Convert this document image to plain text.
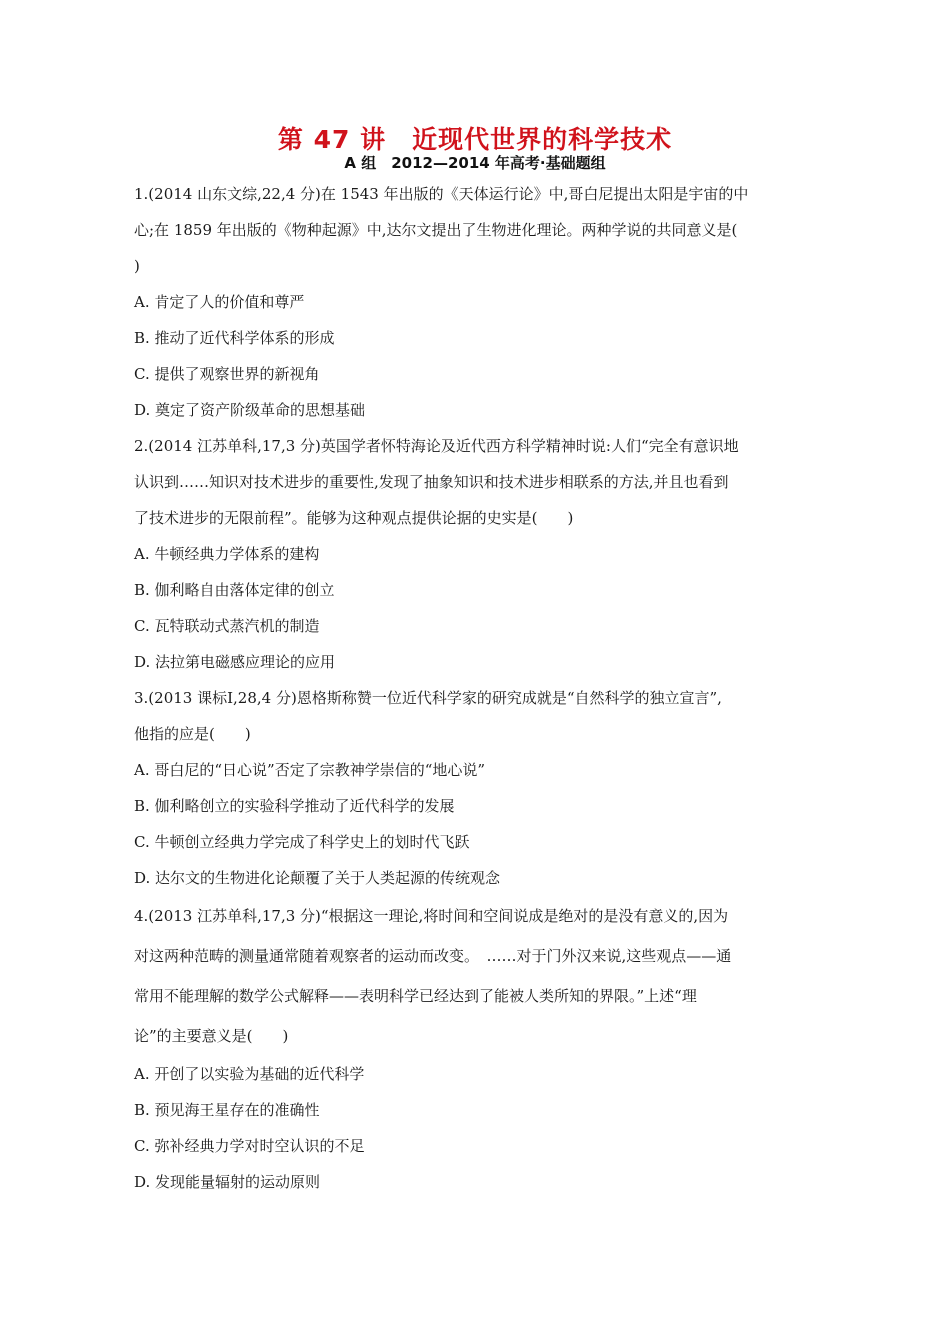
第 47 讲　近现代世界的科学技术
A 组　2012—2014 年高考·基础题组
1.(2014 山东文综,22,4 分)在 1543 年出版的《天体运行论》中,哥白尼提出太阳是宇宙的中
心;在 1859 年出版的《物种起源》中,达尔文提出了生物进化理论。两种学说的共同意义是(
)
A. 肯定了人的价值和尊严
B. 推动了近代科学体系的形成
C. 提供了观察世界的新视角
D. 奠定了资产阶级革命的思想基础
2.(2014 江苏单科,17,3 分)英国学者怀特海论及近代西方科学精神时说:人们“完全有意识地
认识到……知识对技术进步的重要性,发现了抽象知识和技术进步相联系的方法,并且也看到
了技术进步的无限前程”。能够为这种观点提供论据的史实是(　　)
A. 牛顿经典力学体系的建构
B. 伽利略自由落体定律的创立
C. 瓦特联动式蒸汽机的制造
D. 法拉第电磁感应理论的应用
3.(2013 课标Ⅰ,28,4 分)恩格斯称赞一位近代科学家的研究成就是“自然科学的独立宣言”,
他指的应是(　　)
A. 哥白尼的“日心说”否定了宗教神学崇信的“地心说”
B. 伽利略创立的实验科学推动了近代科学的发展
C. 牛顿创立经典力学完成了科学史上的划时代飞跃
D. 达尔文的生物进化论颠覆了关于人类起源的传统观念
4.(2013 江苏单科,17,3 分)“根据这一理论,将时间和空间说成是绝对的是没有意义的,因为
对这两种范畴的测量通常随着观察者的运动而改变。　……对于门外汉来说,这些观点——通
常用不能理解的数学公式解释——表明科学已经达到了能被人类所知的界限。”上述“理
论”的主要意义是(　　)
A. 开创了以实验为基础的近代科学
B. 预见海王星存在的准确性
C. 弥补经典力学对时空认识的不足
D. 发现能量辐射的运动原则
